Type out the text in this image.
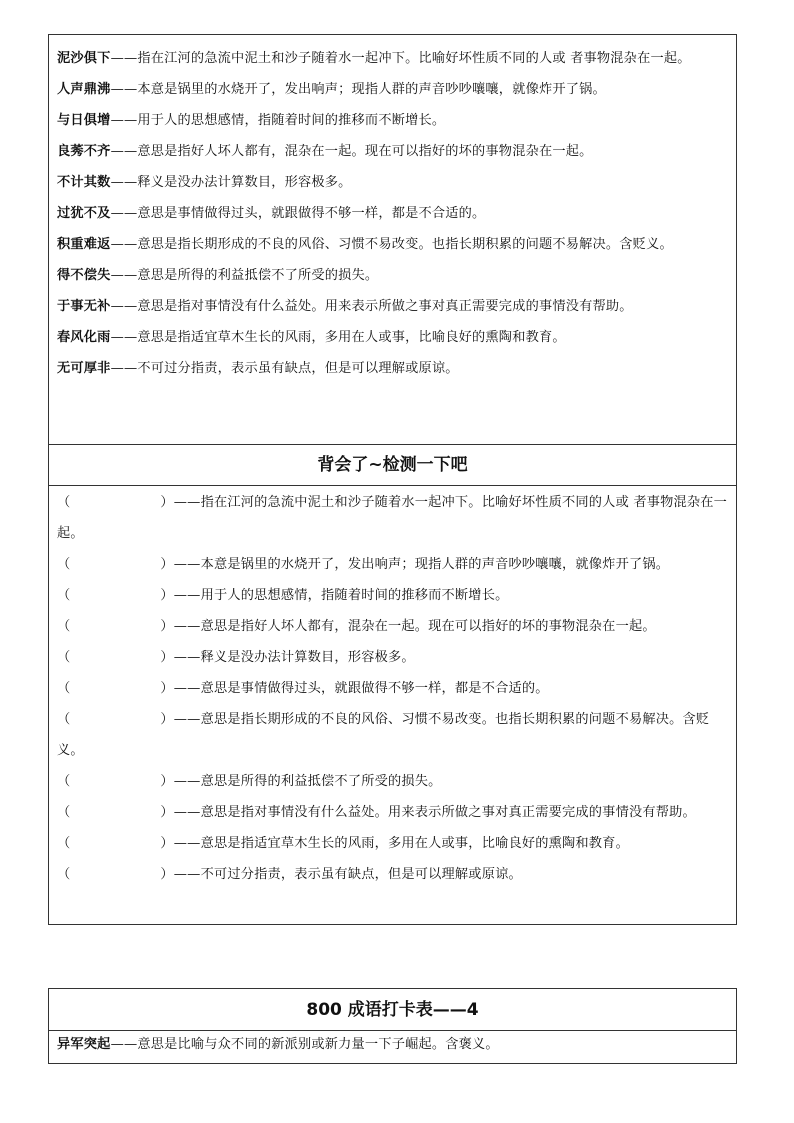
泥沙俱下——指在江河的急流中泥土和沙子随着水一起冲下。比喻好坏性质不同的人或 者事物混杂在一起。

人声鼎沸——本意是锅里的水烧开了，发出响声；现指人群的声音吵吵嚷嚷，就像炸开了锅。

与日俱增——用于人的思想感情，指随着时间的推移而不断增长。

良莠不齐——意思是指好人坏人都有，混杂在一起。现在可以指好的坏的事物混杂在一起。

不计其数——释义是没办法计算数目，形容极多。

过犹不及——意思是事情做得过头，就跟做得不够一样，都是不合适的。

积重难返——意思是指长期形成的不良的风俗、习惯不易改变。也指长期积累的问题不易解决。含贬义。

得不偿失——意思是所得的利益抵偿不了所受的损失。

于事无补——意思是指对事情没有什么益处。用来表示所做之事对真正需要完成的事情没有帮助。

春风化雨——意思是指适宜草木生长的风雨，多用在人或事，比喻良好的熏陶和教育。

无可厚非——不可过分指责，表示虽有缺点，但是可以理解或原谅。

背会了~检测一下吧

（	）——指在江河的急流中泥土和沙子随着水一起冲下。比喻好坏性质不同的人或 者事物混杂在一起。

（	）——本意是锅里的水烧开了，发出响声；现指人群的声音吵吵嚷嚷，就像炸开了锅。

（	）——用于人的思想感情，指随着时间的推移而不断增长。

（	）——意思是指好人坏人都有，混杂在一起。现在可以指好的坏的事物混杂在一起。

（	）——释义是没办法计算数目，形容极多。

（	）——意思是事情做得过头，就跟做得不够一样，都是不合适的。

（	）——意思是指长期形成的不良的风俗、习惯不易改变。也指长期积累的问题不易解决。含贬义。

（	）——意思是所得的利益抵偿不了所受的损失。

（	）——意思是指对事情没有什么益处。用来表示所做之事对真正需要完成的事情没有帮助。

（	）——意思是指适宜草木生长的风雨，多用在人或事，比喻良好的熏陶和教育。

（	）——不可过分指责，表示虽有缺点，但是可以理解或原谅。

800 成语打卡表——4

异军突起——意思是比喻与众不同的新派别或新力量一下子崛起。含褒义。
